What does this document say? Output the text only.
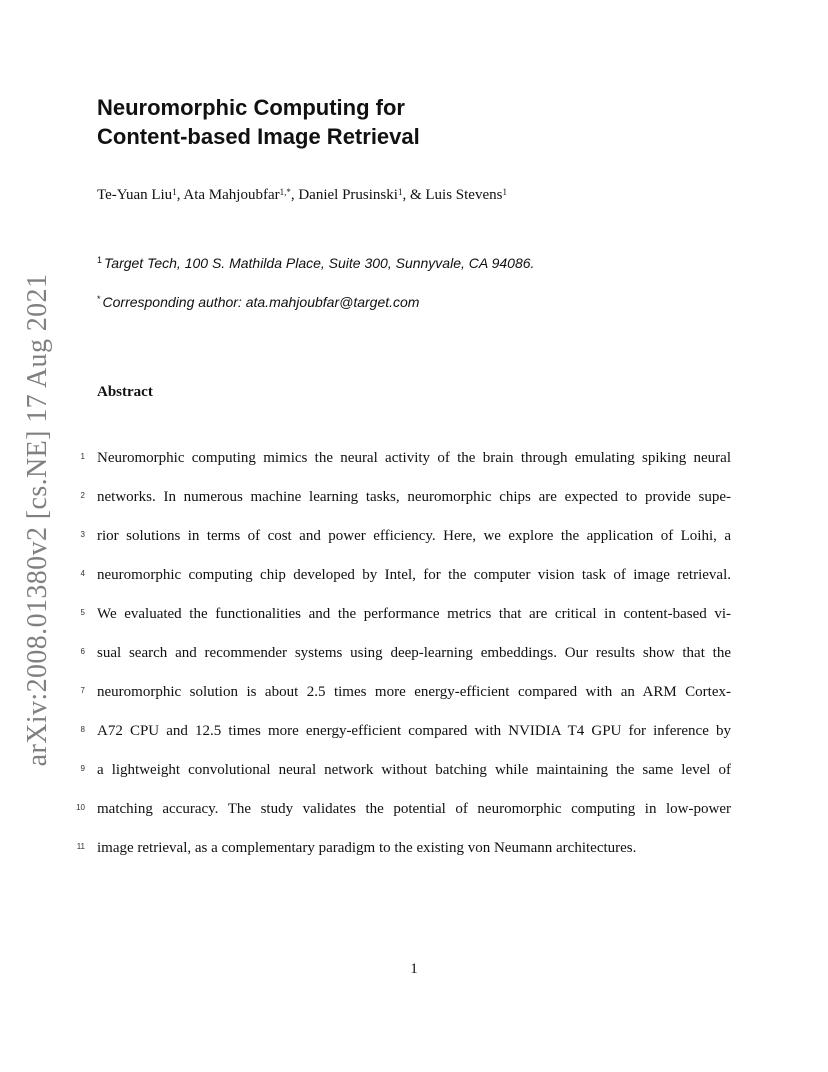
arXiv:2008.01380v2 [cs.NE] 17 Aug 2021
Neuromorphic Computing for
Content-based Image Retrieval
Te-Yuan Liu$^1$, Ata Mahjoubfar$^{1,*}$, Daniel Prusinski$^1$, & Luis Stevens$^1$
$^1$ Target Tech, 100 S. Mathilda Place, Suite 300, Sunnyvale, CA 94086.
* Corresponding author: ata.mahjoubfar@target.com
Abstract
1 Neuromorphic computing mimics the neural activity of the brain through emulating spiking neural
2 networks. In numerous machine learning tasks, neuromorphic chips are expected to provide supe-
3 rior solutions in terms of cost and power efficiency. Here, we explore the application of Loihi, a
4 neuromorphic computing chip developed by Intel, for the computer vision task of image retrieval.
5 We evaluated the functionalities and the performance metrics that are critical in content-based vi-
6 sual search and recommender systems using deep-learning embeddings. Our results show that the
7 neuromorphic solution is about 2.5 times more energy-efficient compared with an ARM Cortex-
8 A72 CPU and 12.5 times more energy-efficient compared with NVIDIA T4 GPU for inference by
9 a lightweight convolutional neural network without batching while maintaining the same level of
10 matching accuracy. The study validates the potential of neuromorphic computing in low-power
11 image retrieval, as a complementary paradigm to the existing von Neumann architectures.
1
